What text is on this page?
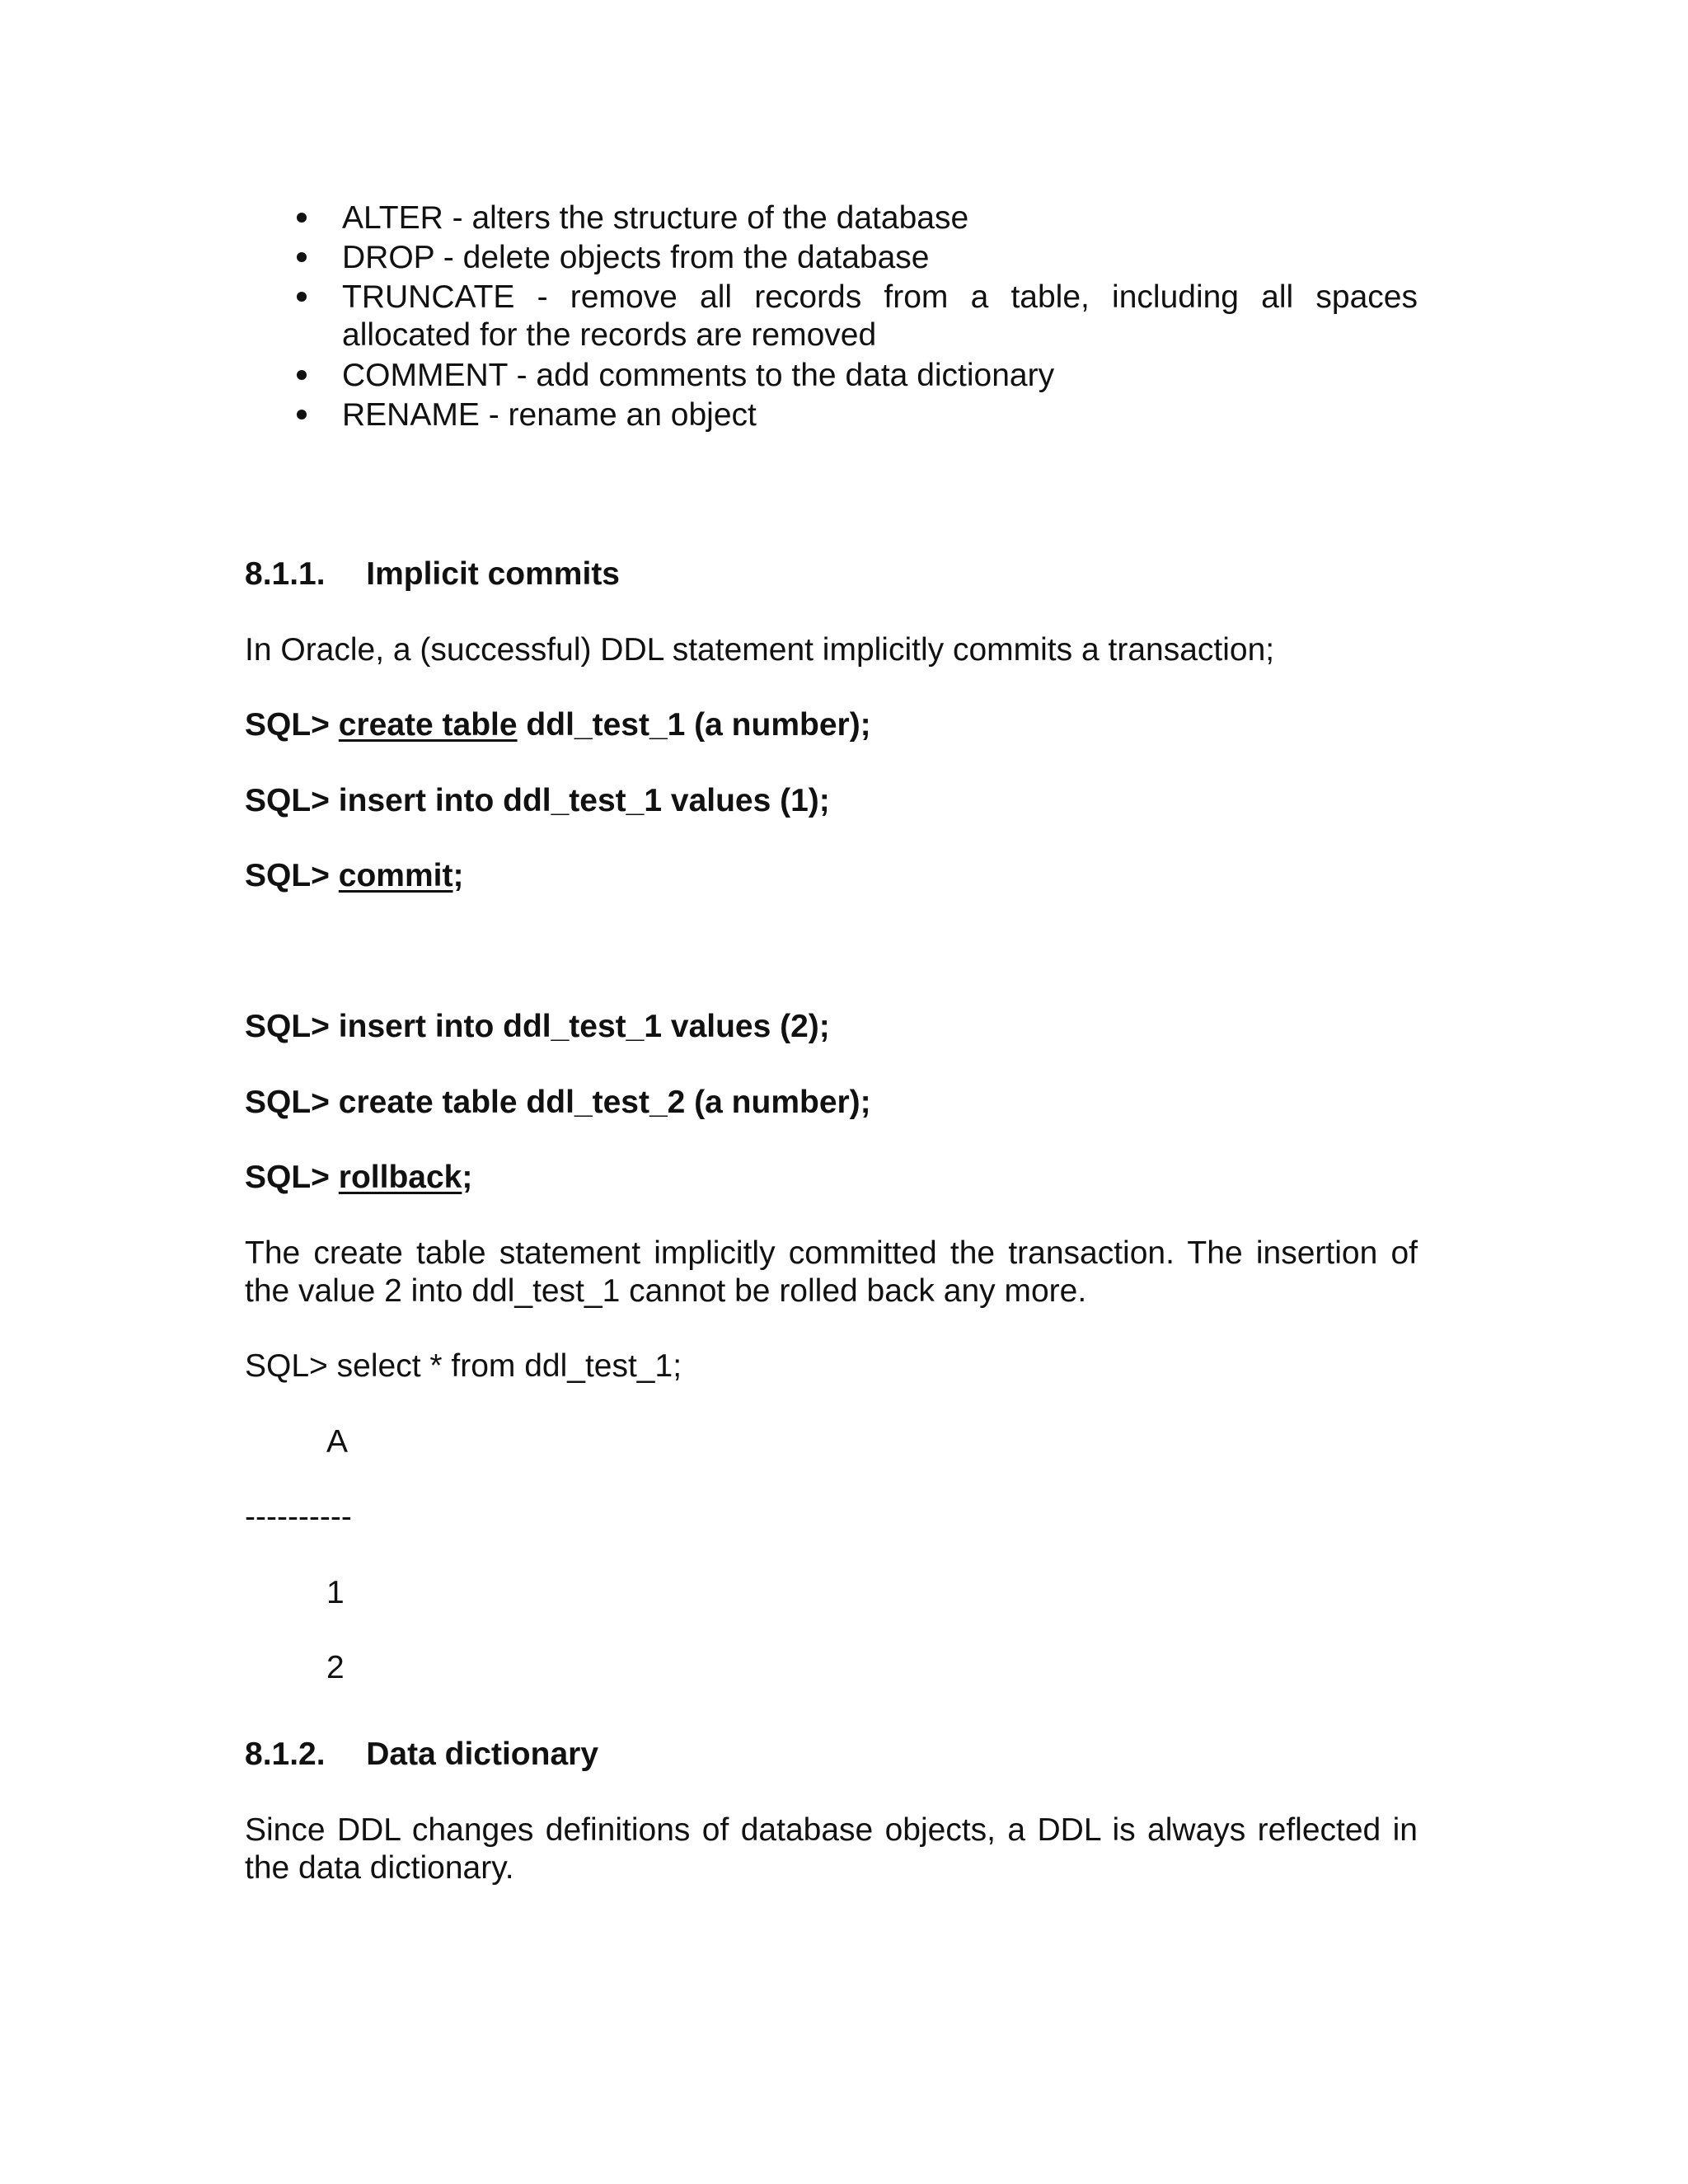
ALTER - alters the structure of the database
DROP - delete objects from the database
TRUNCATE - remove all records from a table, including all spaces
allocated for the records are removed
COMMENT - add comments to the data dictionary
RENAME - rename an object
8.1.1. Implicit commits
In Oracle, a (successful) DDL statement implicitly commits a transaction;
SQL> create table ddl_test_1 (a number);
SQL> insert into ddl_test_1 values (1);
SQL> commit;
SQL> insert into ddl_test_1 values (2);
SQL> create table ddl_test_2 (a number);
SQL> rollback;
The create table statement implicitly committed the transaction. The insertion of the value 2 into ddl_test_1 cannot be rolled back any more.
SQL> select * from ddl_test_1;
A
----------
1
2
8.1.2. Data dictionary
Since DDL changes definitions of database objects, a DDL is always reflected in the data dictionary.
